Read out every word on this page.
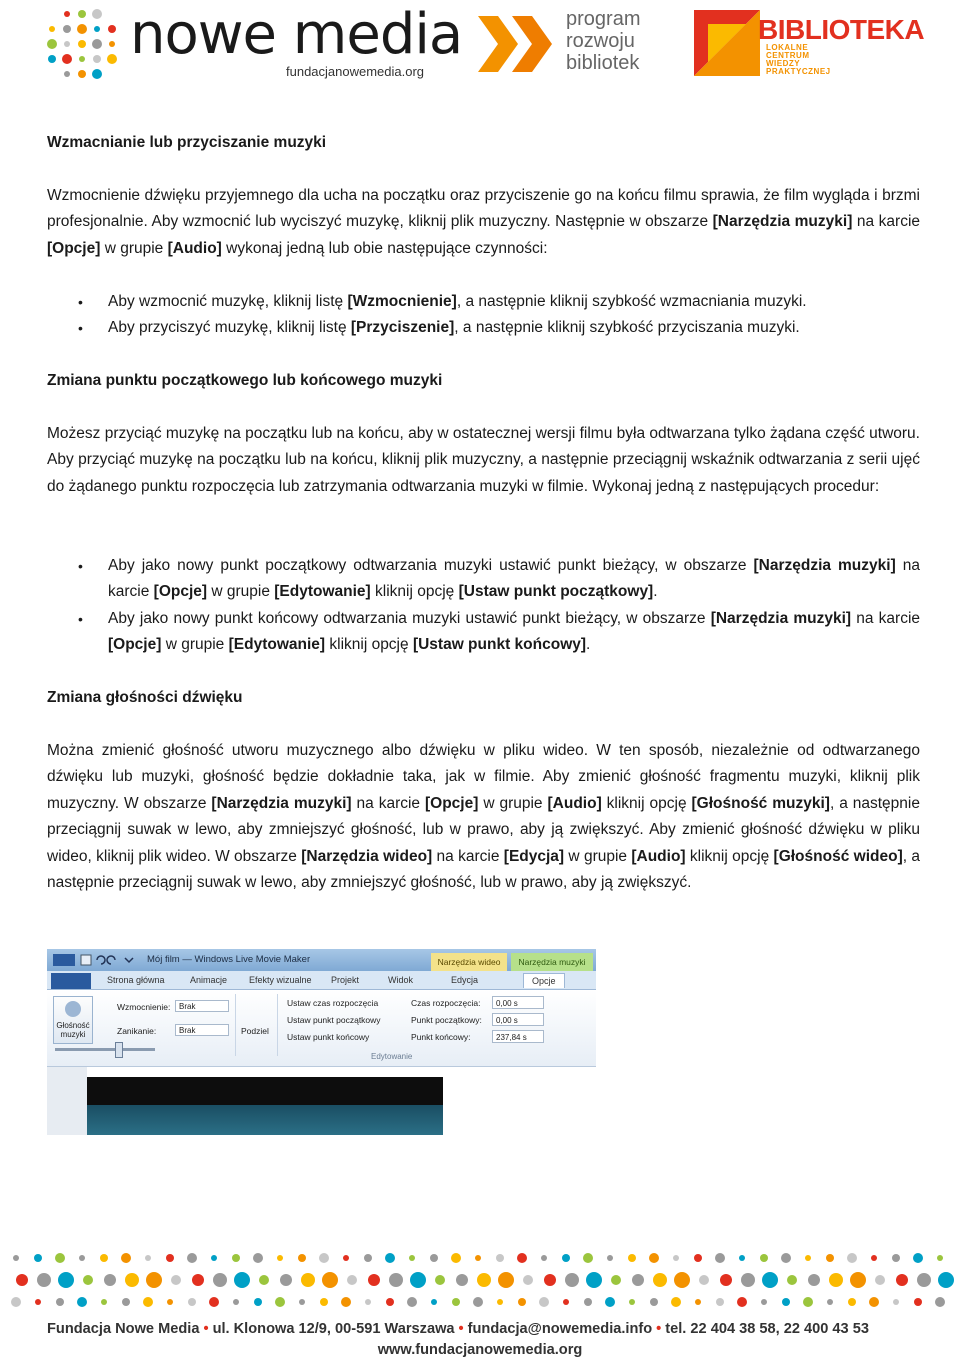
nowe media
fundacjanowemedia.org
program
rozwoju
bibliotek
BIBLIOTEKA
LOKALNE
CENTRUM
WIEDZY
PRAKTYCZNEJ
Wzmacnianie lub przyciszanie muzyki
Wzmocnienie dźwięku przyjemnego dla ucha na początku oraz przyciszenie go na końcu filmu sprawia, że film wygląda i brzmi profesjonalnie. Aby wzmocnić lub wyciszyć muzykę, kliknij plik muzyczny. Następnie w obszarze [Narzędzia muzyki] na karcie [Opcje] w grupie [Audio] wykonaj jedną lub obie następujące czynności:
• Aby wzmocnić muzykę, kliknij listę [Wzmocnienie], a następnie kliknij szybkość wzmacniania muzyki.
• Aby przyciszyć muzykę, kliknij listę [Przyciszenie], a następnie kliknij szybkość przyciszania muzyki.
Zmiana punktu początkowego lub końcowego muzyki
Możesz przyciąć muzykę na początku lub na końcu, aby w ostatecznej wersji filmu była odtwarzana tylko żądana część utworu. Aby przyciąć muzykę na początku lub na końcu, kliknij plik muzyczny, a następnie przeciągnij wskaźnik odtwarzania z serii ujęć do żądanego punktu rozpoczęcia lub zatrzymania odtwarzania muzyki w filmie. Wykonaj jedną z następujących procedur:
• Aby jako nowy punkt początkowy odtwarzania muzyki ustawić punkt bieżący, w obszarze [Narzędzia muzyki] na karcie [Opcje] w grupie [Edytowanie] kliknij opcję [Ustaw punkt początkowy].
• Aby jako nowy punkt końcowy odtwarzania muzyki ustawić punkt bieżący, w obszarze [Narzędzia muzyki] na karcie [Opcje] w grupie [Edytowanie] kliknij opcję [Ustaw punkt końcowy].
Zmiana głośności dźwięku
Można zmienić głośność utworu muzycznego albo dźwięku w pliku wideo. W ten sposób, niezależnie od odtwarzanego dźwięku lub muzyki, głośność będzie dokładnie taka, jak w filmie. Aby zmienić głośność fragmentu muzyki, kliknij plik muzyczny. W obszarze [Narzędzia muzyki] na karcie [Opcje] w grupie [Audio] kliknij opcję [Głośność muzyki], a następnie przeciągnij suwak w lewo, aby zmniejszyć głośność, lub w prawo, aby ją zwiększyć. Aby zmienić głośność dźwięku w pliku wideo, kliknij plik wideo. W obszarze [Narzędzia wideo] na karcie [Edycja] w grupie [Audio] kliknij opcję [Głośność wideo], a następnie przeciągnij suwak w lewo, aby zmniejszyć głośność, lub w prawo, aby ją zwiększyć.
Mój film — Windows Live Movie Maker	Narzędzia wideo	Narzędzia muzyki
Strona główna	Animacje Efekty wizualne Projekt	Widok	Edycja	Opcje
Głośność muzyki
Wzmocnienie:	Brak
Zanikanie:	Brak	Podziel
Ustaw czas rozpoczęcia
Ustaw punkt początkowy
Ustaw punkt końcowy
Czas rozpoczęcia:	0,00 s
Punkt początkowy:	0,00 s
Punkt końcowy:	237,84 s
Edytowanie
Fundacja Nowe Media • ul. Klonowa 12/9, 00-591 Warszawa • fundacja@nowemedia.info • tel. 22 404 38 58, 22 400 43 53
www.fundacjanowemedia.org
